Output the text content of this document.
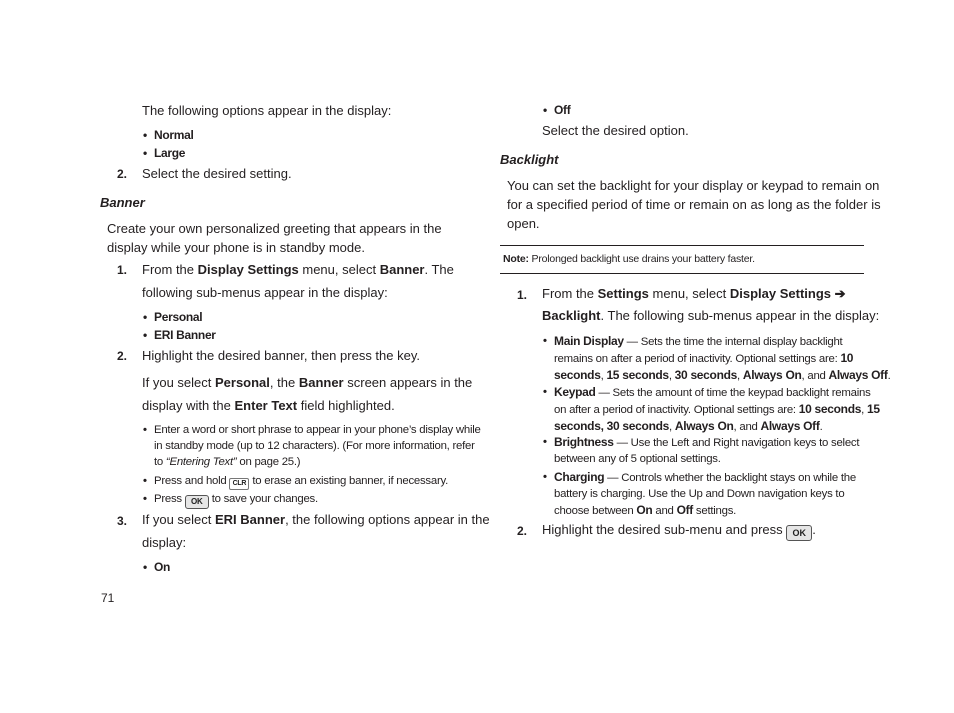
The following options appear in the display:
• Normal
• Large
2. Select the desired setting.
Banner
Create your own personalized greeting that appears in the
display while your phone is in standby mode.
1. From the Display Settings menu, select Banner. The
following sub-menus appear in the display:
• Personal
• ERI Banner
2. Highlight the desired banner, then press the key.
If you select Personal, the Banner screen appears in the
display with the Enter Text field highlighted.
• Enter a word or short phrase to appear in your phone’s display while
in standby mode (up to 12 characters). (For more information, refer
to “Entering Text” on page 25.)
• Press and hold CLR to erase an existing banner, if necessary.
• Press OK to save your changes.
3. If you select ERI Banner, the following options appear in the
display:
• On
71
• Off
Select the desired option.
Backlight
You can set the backlight for your display or keypad to remain on
for a specified period of time or remain on as long as the folder is
open.
Note: Prolonged backlight use drains your battery faster.
1. From the Settings menu, select Display Settings ➔
Backlight. The following sub-menus appear in the display:
• Main Display — Sets the time the internal display backlight
remains on after a period of inactivity. Optional settings are: 10
seconds, 15 seconds, 30 seconds, Always On, and Always Off.
• Keypad — Sets the amount of time the keypad backlight remains
on after a period of inactivity. Optional settings are: 10 seconds, 15
seconds, 30 seconds, Always On, and Always Off.
• Brightness — Use the Left and Right navigation keys to select
between any of 5 optional settings.
• Charging — Controls whether the backlight stays on while the
battery is charging. Use the Up and Down navigation keys to
choose between On and Off settings.
2. Highlight the desired sub-menu and press OK .
